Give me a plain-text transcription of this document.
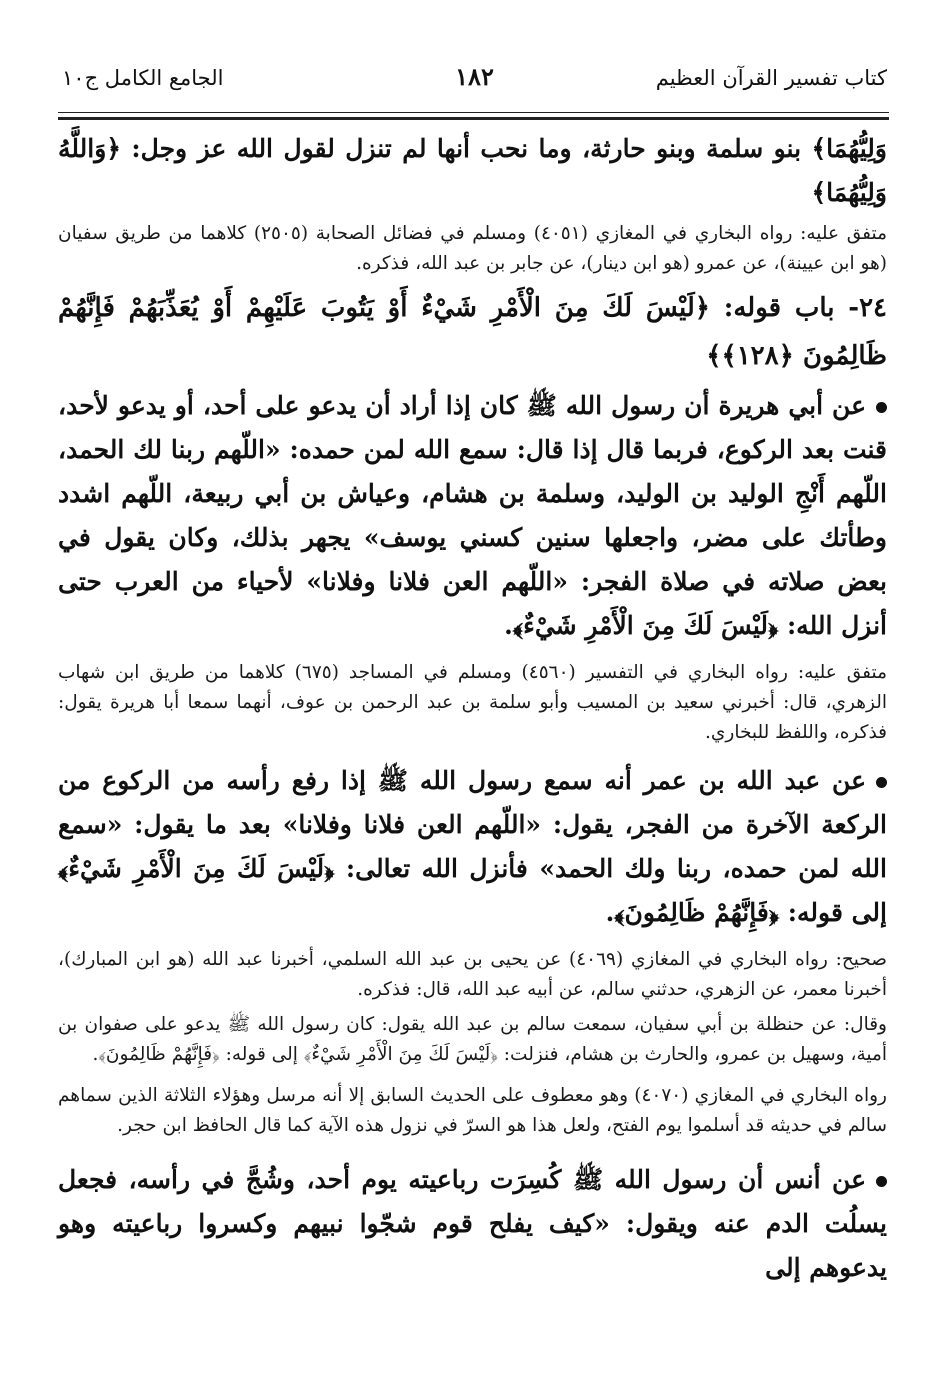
كتاب تفسير القرآن العظيم
١٨٢
الجامع الكامل ج١٠

وَلِيُّهُمَا﴾ بنو سلمة وبنو حارثة، وما نحب أنها لم تنزل لقول الله عز وجل: ﴿وَاللَّهُ وَلِيُّهُمَا﴾

متفق عليه: رواه البخاري في المغازي (٤٠٥١) ومسلم في فضائل الصحابة (٢٥٠٥) كلاهما من طريق سفيان (هو ابن عيينة)، عن عمرو (هو ابن دينار)، عن جابر بن عبد الله، فذكره.

٢٤- باب قوله: ﴿لَيْسَ لَكَ مِنَ الْأَمْرِ شَيْءٌ أَوْ يَتُوبَ عَلَيْهِمْ أَوْ يُعَذِّبَهُمْ فَإِنَّهُمْ ظَالِمُونَ ﴿١٢٨﴾﴾

عن أبي هريرة أن رسول الله ﷺ كان إذا أراد أن يدعو على أحد، أو يدعو لأحد، قنت بعد الركوع، فربما قال إذا قال: سمع الله لمن حمده: «اللّهم ربنا لك الحمد، اللّهم أَنْجِ الوليد بن الوليد، وسلمة بن هشام، وعياش بن أبي ربيعة، اللّهم اشدد وطأتك على مضر، واجعلها سنين كسني يوسف» يجهر بذلك، وكان يقول في بعض صلاته في صلاة الفجر: «اللّهم العن فلانا وفلانا» لأحياء من العرب حتى أنزل الله: ﴿لَيْسَ لَكَ مِنَ الْأَمْرِ شَيْءٌ﴾.

متفق عليه: رواه البخاري في التفسير (٤٥٦٠) ومسلم في المساجد (٦٧٥) كلاهما من طريق ابن شهاب الزهري، قال: أخبرني سعيد بن المسيب وأبو سلمة بن عبد الرحمن بن عوف، أنهما سمعا أبا هريرة يقول: فذكره، واللفظ للبخاري.

عن عبد الله بن عمر أنه سمع رسول الله ﷺ إذا رفع رأسه من الركوع من الركعة الآخرة من الفجر، يقول: «اللّهم العن فلانا وفلانا» بعد ما يقول: «سمع الله لمن حمده، ربنا ولك الحمد» فأنزل الله تعالى: ﴿لَيْسَ لَكَ مِنَ الْأَمْرِ شَيْءٌ﴾ إلى قوله: ﴿فَإِنَّهُمْ ظَالِمُونَ﴾.

صحيح: رواه البخاري في المغازي (٤٠٦٩) عن يحيى بن عبد الله السلمي، أخبرنا عبد الله (هو ابن المبارك)، أخبرنا معمر، عن الزهري، حدثني سالم، عن أبيه عبد الله، قال: فذكره.

وقال: عن حنظلة بن أبي سفيان، سمعت سالم بن عبد الله يقول: كان رسول الله ﷺ يدعو على صفوان بن أمية، وسهيل بن عمرو، والحارث بن هشام، فنزلت: ﴿لَيْسَ لَكَ مِنَ الْأَمْرِ شَيْءٌ﴾ إلى قوله: ﴿فَإِنَّهُمْ ظَالِمُونَ﴾.

رواه البخاري في المغازي (٤٠٧٠) وهو معطوف على الحديث السابق إلا أنه مرسل وهؤلاء الثلاثة الذين سماهم سالم في حديثه قد أسلموا يوم الفتح، ولعل هذا هو السرّ في نزول هذه الآية كما قال الحافظ ابن حجر.

عن أنس أن رسول الله ﷺ كُسِرَت رباعيته يوم أحد، وشُجَّ في رأسه، فجعل يسلُت الدم عنه ويقول: «كيف يفلح قوم شجّوا نبيهم وكسروا رباعيته وهو يدعوهم إلى
